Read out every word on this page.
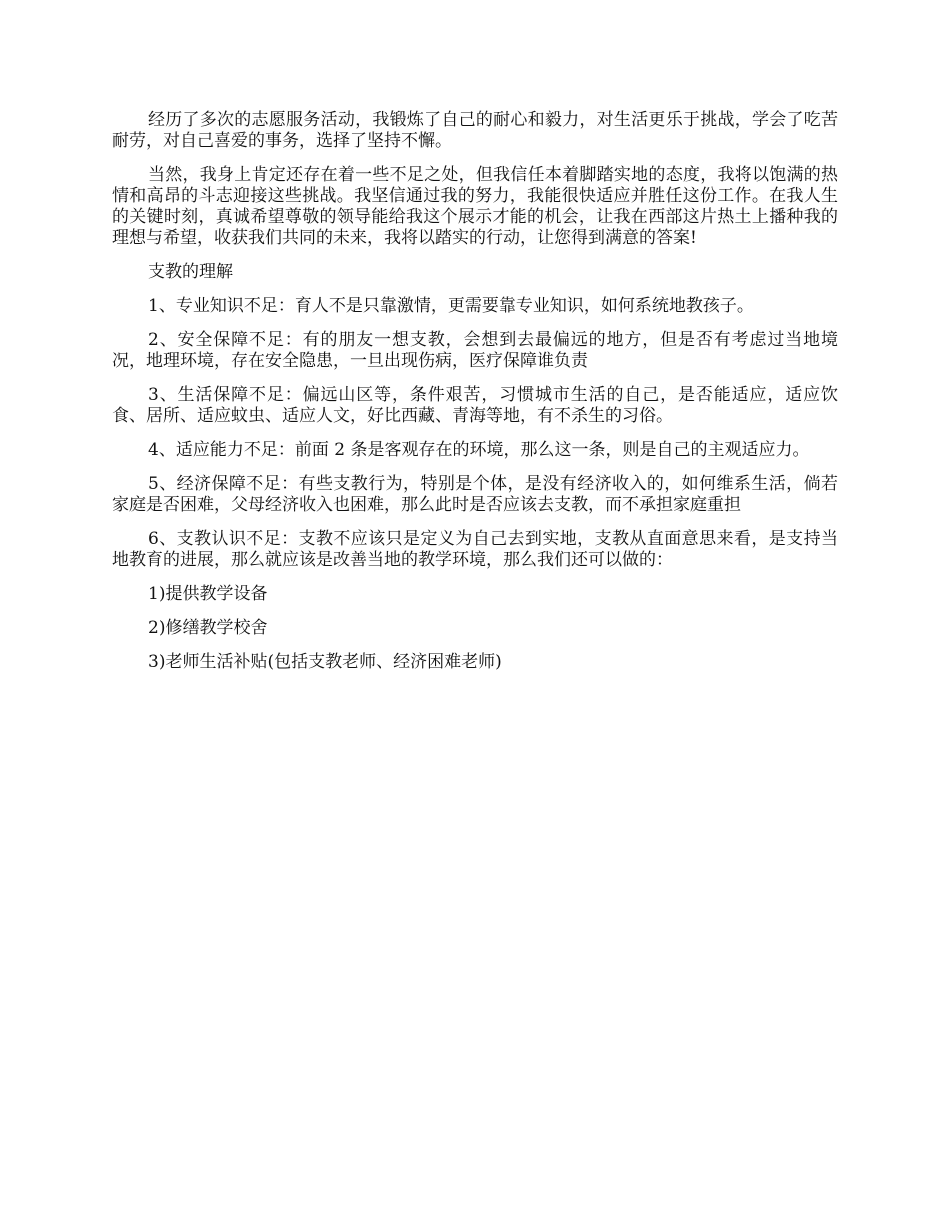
经历了多次的志愿服务活动，我锻炼了自己的耐心和毅力，对生活更乐于挑战，学会了吃苦耐劳，对自己喜爱的事务，选择了坚持不懈。

当然，我身上肯定还存在着一些不足之处，但我信任本着脚踏实地的态度，我将以饱满的热情和高昂的斗志迎接这些挑战。我坚信通过我的努力，我能很快适应并胜任这份工作。在我人生的关键时刻，真诚希望尊敬的领导能给我这个展示才能的机会，让我在西部这片热土上播种我的理想与希望，收获我们共同的未来，我将以踏实的行动，让您得到满意的答案!

支教的理解

1、专业知识不足：育人不是只靠激情，更需要靠专业知识，如何系统地教孩子。

2、安全保障不足：有的朋友一想支教，会想到去最偏远的地方，但是否有考虑过当地境况，地理环境，存在安全隐患，一旦出现伤病，医疗保障谁负责

3、生活保障不足：偏远山区等，条件艰苦，习惯城市生活的自己，是否能适应，适应饮食、居所、适应蚊虫、适应人文，好比西藏、青海等地，有不杀生的习俗。

4、适应能力不足：前面 2 条是客观存在的环境，那么这一条，则是自己的主观适应力。

5、经济保障不足：有些支教行为，特别是个体，是没有经济收入的，如何维系生活，倘若家庭是否困难，父母经济收入也困难，那么此时是否应该去支教，而不承担家庭重担

6、支教认识不足：支教不应该只是定义为自己去到实地，支教从直面意思来看，是支持当地教育的进展，那么就应该是改善当地的教学环境，那么我们还可以做的：

1)提供教学设备

2)修缮教学校舍

3)老师生活补贴(包括支教老师、经济困难老师)
